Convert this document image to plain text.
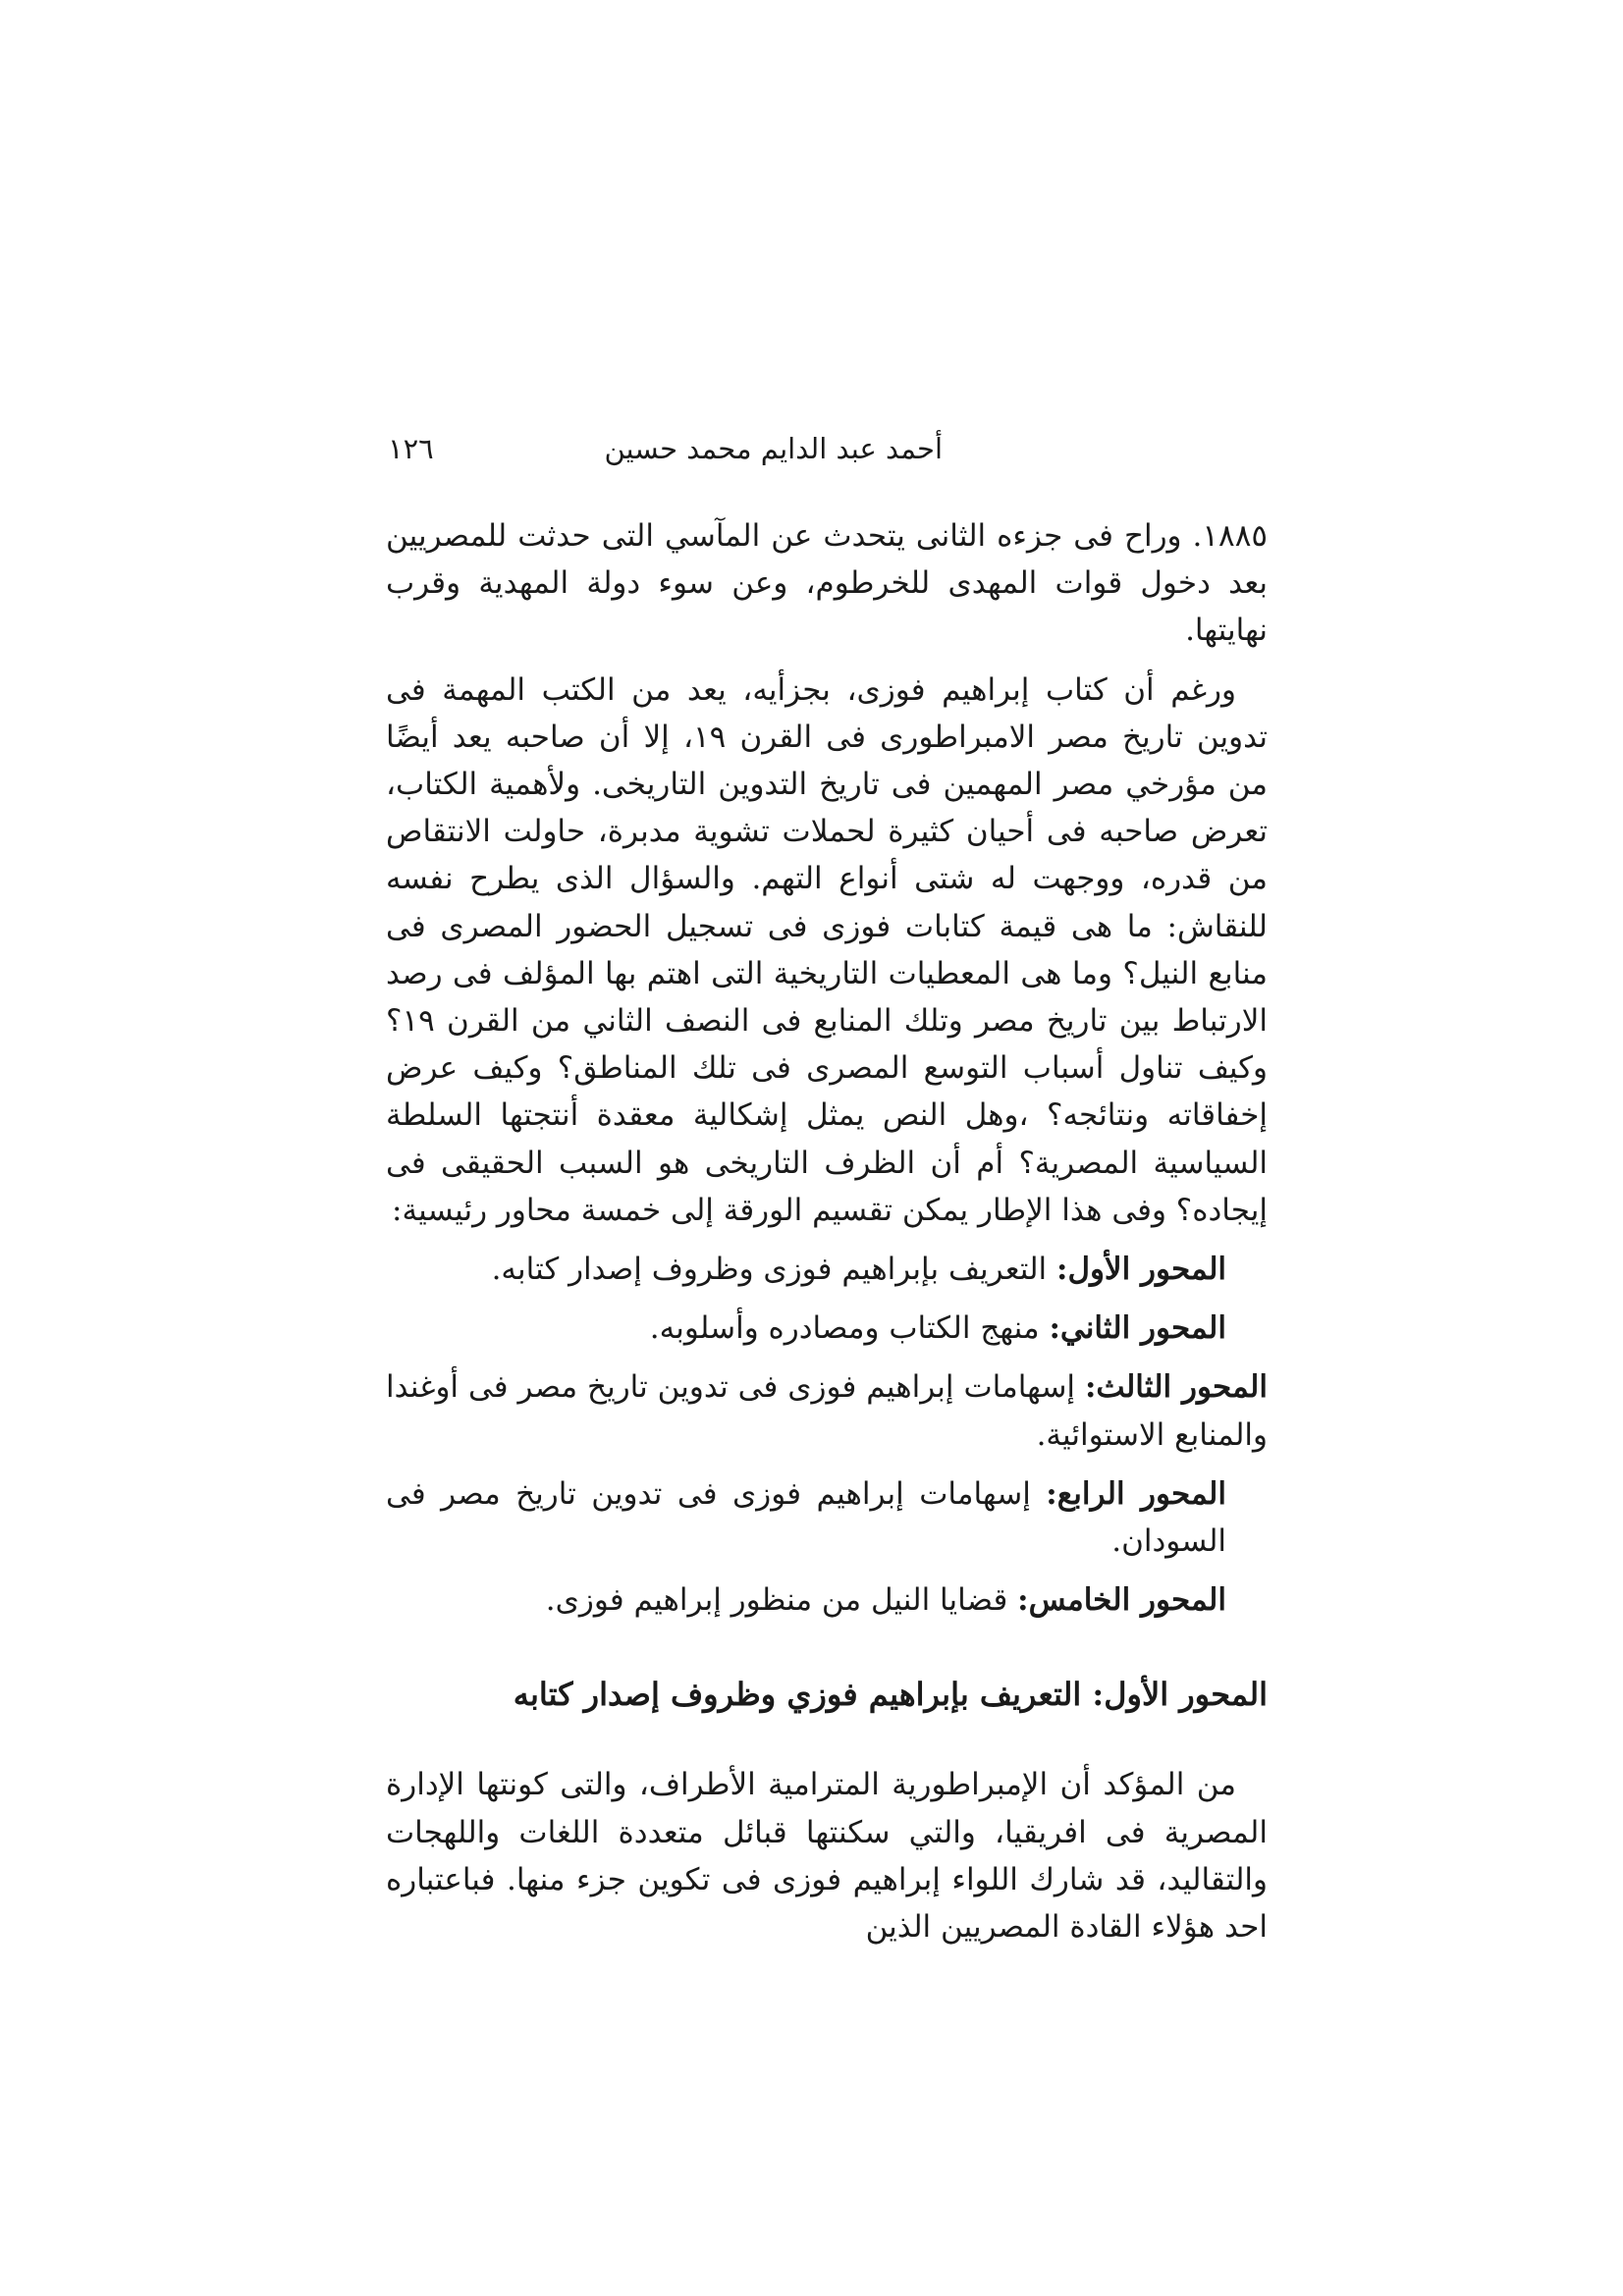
أحمد عبد الدايم محمد حسين
١٢٦

١٨٨٥. وراح فى جزءه الثانى يتحدث عن المآسي التى حدثت للمصريين بعد دخول قوات المهدى للخرطوم، وعن سوء دولة المهدية وقرب نهايتها.

ورغم أن كتاب إبراهيم فوزى، بجزأيه، يعد من الكتب المهمة فى تدوين تاريخ مصر الامبراطورى فى القرن ١٩، إلا أن صاحبه يعد أيضًا من مؤرخي مصر المهمين فى تاريخ التدوين التاريخى. ولأهمية الكتاب، تعرض صاحبه فى أحيان كثيرة لحملات تشوية مدبرة، حاولت الانتقاص من قدره، ووجهت له شتى أنواع التهم. والسؤال الذى يطرح نفسه للنقاش: ما هى قيمة كتابات فوزى فى تسجيل الحضور المصرى فى منابع النيل؟ وما هى المعطيات التاريخية التى اهتم بها المؤلف فى رصد الارتباط بين تاريخ مصر وتلك المنابع فى النصف الثاني من القرن ١٩؟ وكيف تناول أسباب التوسع المصرى فى تلك المناطق؟ وكيف عرض إخفاقاته ونتائجه؟ ،وهل النص يمثل إشكالية معقدة أنتجتها السلطة السياسية المصرية؟ أم أن الظرف التاريخى هو السبب الحقيقى فى إيجاده؟ وفى هذا الإطار يمكن تقسيم الورقة إلى خمسة محاور رئيسية:

المحور الأول: التعريف بإبراهيم فوزى وظروف إصدار كتابه.

المحور الثاني: منهج الكتاب ومصادره وأسلوبه.

المحور الثالث: إسهامات إبراهيم فوزى فى تدوين تاريخ مصر فى أوغندا والمنابع الاستوائية.

المحور الرابع: إسهامات إبراهيم فوزى فى تدوين تاريخ مصر فى السودان.

المحور الخامس: قضايا النيل من منظور إبراهيم فوزى.

المحور الأول: التعريف بإبراهيم فوزي وظروف إصدار كتابه

من المؤكد أن الإمبراطورية المترامية الأطراف، والتى كونتها الإدارة المصرية فى افريقيا، والتي سكنتها قبائل متعددة اللغات واللهجات والتقاليد، قد شارك اللواء إبراهيم فوزى فى تكوين جزء منها. فباعتباره احد هؤلاء القادة المصريين الذين
